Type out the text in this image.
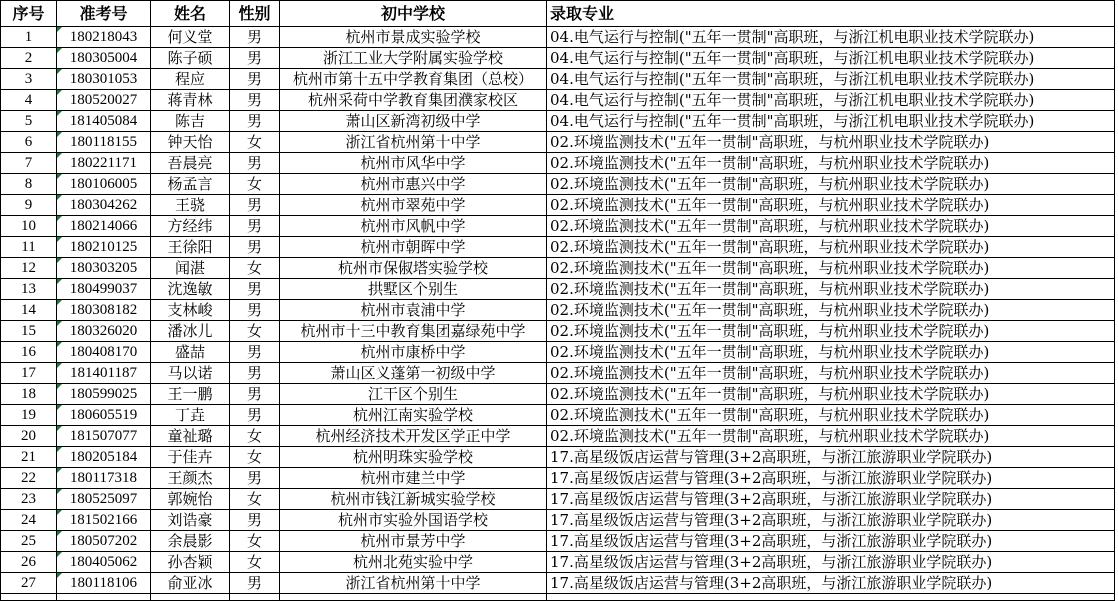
序号	准考号	姓名	性别	初中学校	录取专业
1	180218043	何义堂	男	杭州市景成实验学校	04.电气运行与控制("五年一贯制"高职班，与浙江机电职业技术学院联办)
2	180305004	陈子硕	男	浙江工业大学附属实验学校	04.电气运行与控制("五年一贯制"高职班，与浙江机电职业技术学院联办)
3	180301053	程应	男	杭州市第十五中学教育集团（总校）	04.电气运行与控制("五年一贯制"高职班，与浙江机电职业技术学院联办)
4	180520027	蒋青林	男	杭州采荷中学教育集团濮家校区	04.电气运行与控制("五年一贯制"高职班，与浙江机电职业技术学院联办)
5	181405084	陈吉	男	萧山区新湾初级中学	04.电气运行与控制("五年一贯制"高职班，与浙江机电职业技术学院联办)
6	180118155	钟天怡	女	浙江省杭州第十中学	02.环境监测技术("五年一贯制"高职班，与杭州职业技术学院联办)
7	180221171	吾晨亮	男	杭州市风华中学	02.环境监测技术("五年一贯制"高职班，与杭州职业技术学院联办)
8	180106005	杨孟言	女	杭州市惠兴中学	02.环境监测技术("五年一贯制"高职班，与杭州职业技术学院联办)
9	180304262	王骁	男	杭州市翠苑中学	02.环境监测技术("五年一贯制"高职班，与杭州职业技术学院联办)
10	180214066	方经纬	男	杭州市风帆中学	02.环境监测技术("五年一贯制"高职班，与杭州职业技术学院联办)
11	180210125	王徐阳	男	杭州市朝晖中学	02.环境监测技术("五年一贯制"高职班，与杭州职业技术学院联办)
12	180303205	闻湛	女	杭州市保俶塔实验学校	02.环境监测技术("五年一贯制"高职班，与杭州职业技术学院联办)
13	180499037	沈逸敏	男	拱墅区个别生	02.环境监测技术("五年一贯制"高职班，与杭州职业技术学院联办)
14	180308182	支林峻	男	杭州市袁浦中学	02.环境监测技术("五年一贯制"高职班，与杭州职业技术学院联办)
15	180326020	潘冰儿	女	杭州市十三中教育集团嘉绿苑中学	02.环境监测技术("五年一贯制"高职班，与杭州职业技术学院联办)
16	180408170	盛喆	男	杭州市康桥中学	02.环境监测技术("五年一贯制"高职班，与杭州职业技术学院联办)
17	181401187	马以诺	男	萧山区义蓬第一初级中学	02.环境监测技术("五年一贯制"高职班，与杭州职业技术学院联办)
18	180599025	王一鹏	男	江干区个别生	02.环境监测技术("五年一贯制"高职班，与杭州职业技术学院联办)
19	180605519	丁垚	男	杭州江南实验学校	02.环境监测技术("五年一贯制"高职班，与杭州职业技术学院联办)
20	181507077	童祉璐	女	杭州经济技术开发区学正中学	02.环境监测技术("五年一贯制"高职班，与杭州职业技术学院联办)
21	180205184	于佳卉	女	杭州明珠实验学校	17.高星级饭店运营与管理(3+2高职班，与浙江旅游职业学院联办)
22	180117318	王颜杰	男	杭州市建兰中学	17.高星级饭店运营与管理(3+2高职班，与浙江旅游职业学院联办)
23	180525097	郭婉怡	女	杭州市钱江新城实验学校	17.高星级饭店运营与管理(3+2高职班，与浙江旅游职业学院联办)
24	181502166	刘诰豪	男	杭州市实验外国语学校	17.高星级饭店运营与管理(3+2高职班，与浙江旅游职业学院联办)
25	180507202	余晨影	女	杭州市景芳中学	17.高星级饭店运营与管理(3+2高职班，与浙江旅游职业学院联办)
26	180405062	孙杏颖	女	杭州北苑实验中学	17.高星级饭店运营与管理(3+2高职班，与浙江旅游职业学院联办)
27	180118106	俞亚冰	男	浙江省杭州第十中学	17.高星级饭店运营与管理(3+2高职班，与浙江旅游职业学院联办)
